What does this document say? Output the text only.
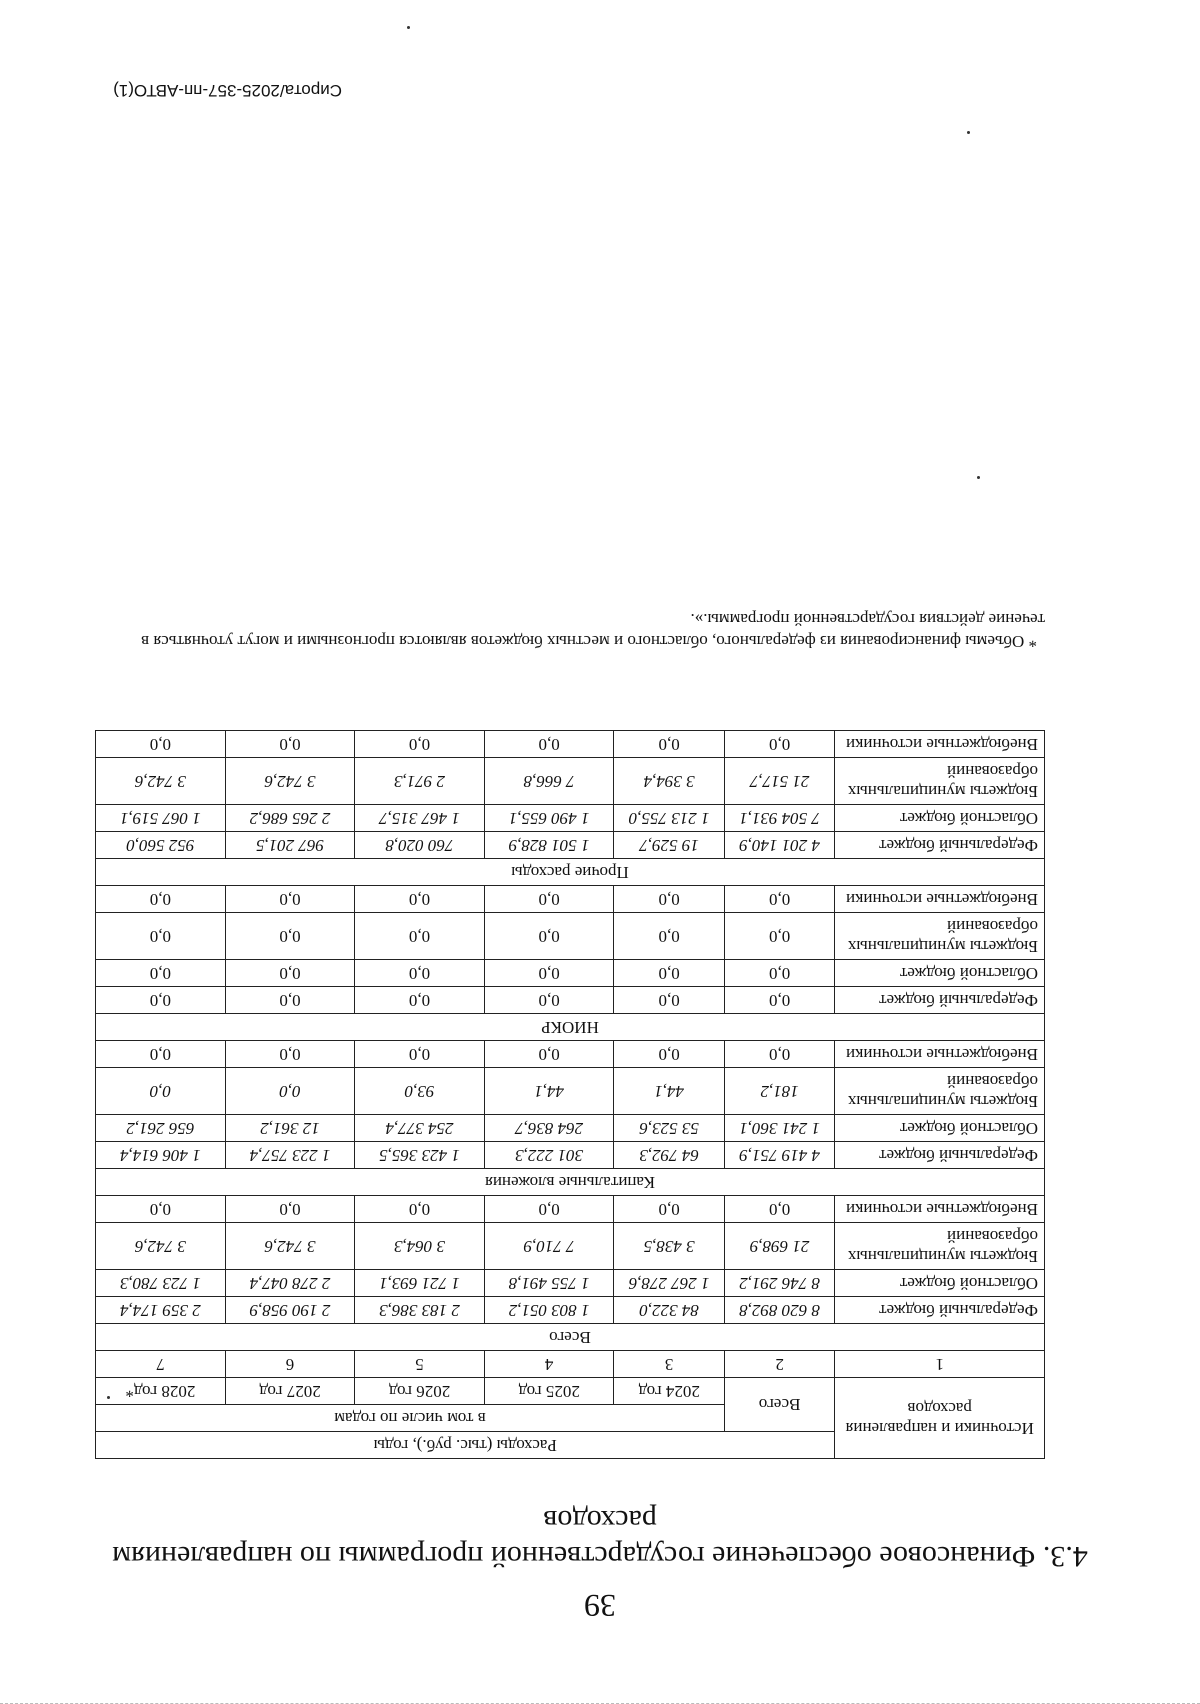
39
4.3. Финансовое обеспечение государственной программы по направлениям расходов
Источники и направления расходов	Расходы (тыс. руб.), годы					
	Всего	в том числе по годам				
		2024 год	2025 год	2026 год	2027 год	2028 год*
1	2	3	4	5	6	7
Всего						
Федеральный бюджет	8 620 892,8	84 322,0	1 803 051,2	2 183 386,3	2 190 958,9	2 359 174,4
Областной бюджет	8 746 291,2	1 267 278,6	1 755 491,8	1 721 693,1	2 278 047,4	1 723 780,3
Бюджеты муниципальных образований	21 698,9	3 438,5	7 710,9	3 064,3	3 742,6	3 742,6
Внебюджетные источники	0,0	0,0	0,0	0,0	0,0	0,0
Капитальные вложения						
Федеральный бюджет	4 419 751,9	64 792,3	301 222,3	1 423 365,5	1 223 757,4	1 406 614,4
Областной бюджет	1 241 360,1	53 523,6	264 836,7	254 377,4	12 361,2	656 261,2
Бюджеты муниципальных образований	181,2	44,1	44,1	93,0	0,0	0,0
Внебюджетные источники	0,0	0,0	0,0	0,0	0,0	0,0
НИОКР						
Федеральный бюджет	0,0	0,0	0,0	0,0	0,0	0,0
Областной бюджет	0,0	0,0	0,0	0,0	0,0	0,0
Бюджеты муниципальных образований	0,0	0,0	0,0	0,0	0,0	0,0
Внебюджетные источники	0,0	0,0	0,0	0,0	0,0	0,0
Прочие расходы						
Федеральный бюджет	4 201 140,9	19 529,7	1 501 828,9	760 020,8	967 201,5	952 560,0
Областной бюджет	7 504 931,1	1 213 755,0	1 490 655,1	1 467 315,7	2 265 686,2	1 067 519,1
Бюджеты муниципальных образований	21 517,7	3 394,4	7 666,8	2 971,3	3 742,6	3 742,6
Внебюджетные источники	0,0	0,0	0,0	0,0	0,0	0,0
* Объемы финансирования из федерального, областного и местных бюджетов являются прогнозными и могут уточняться в течение действия государственной программы.».
Сирота/2025-357-пп-АВТО(1)
